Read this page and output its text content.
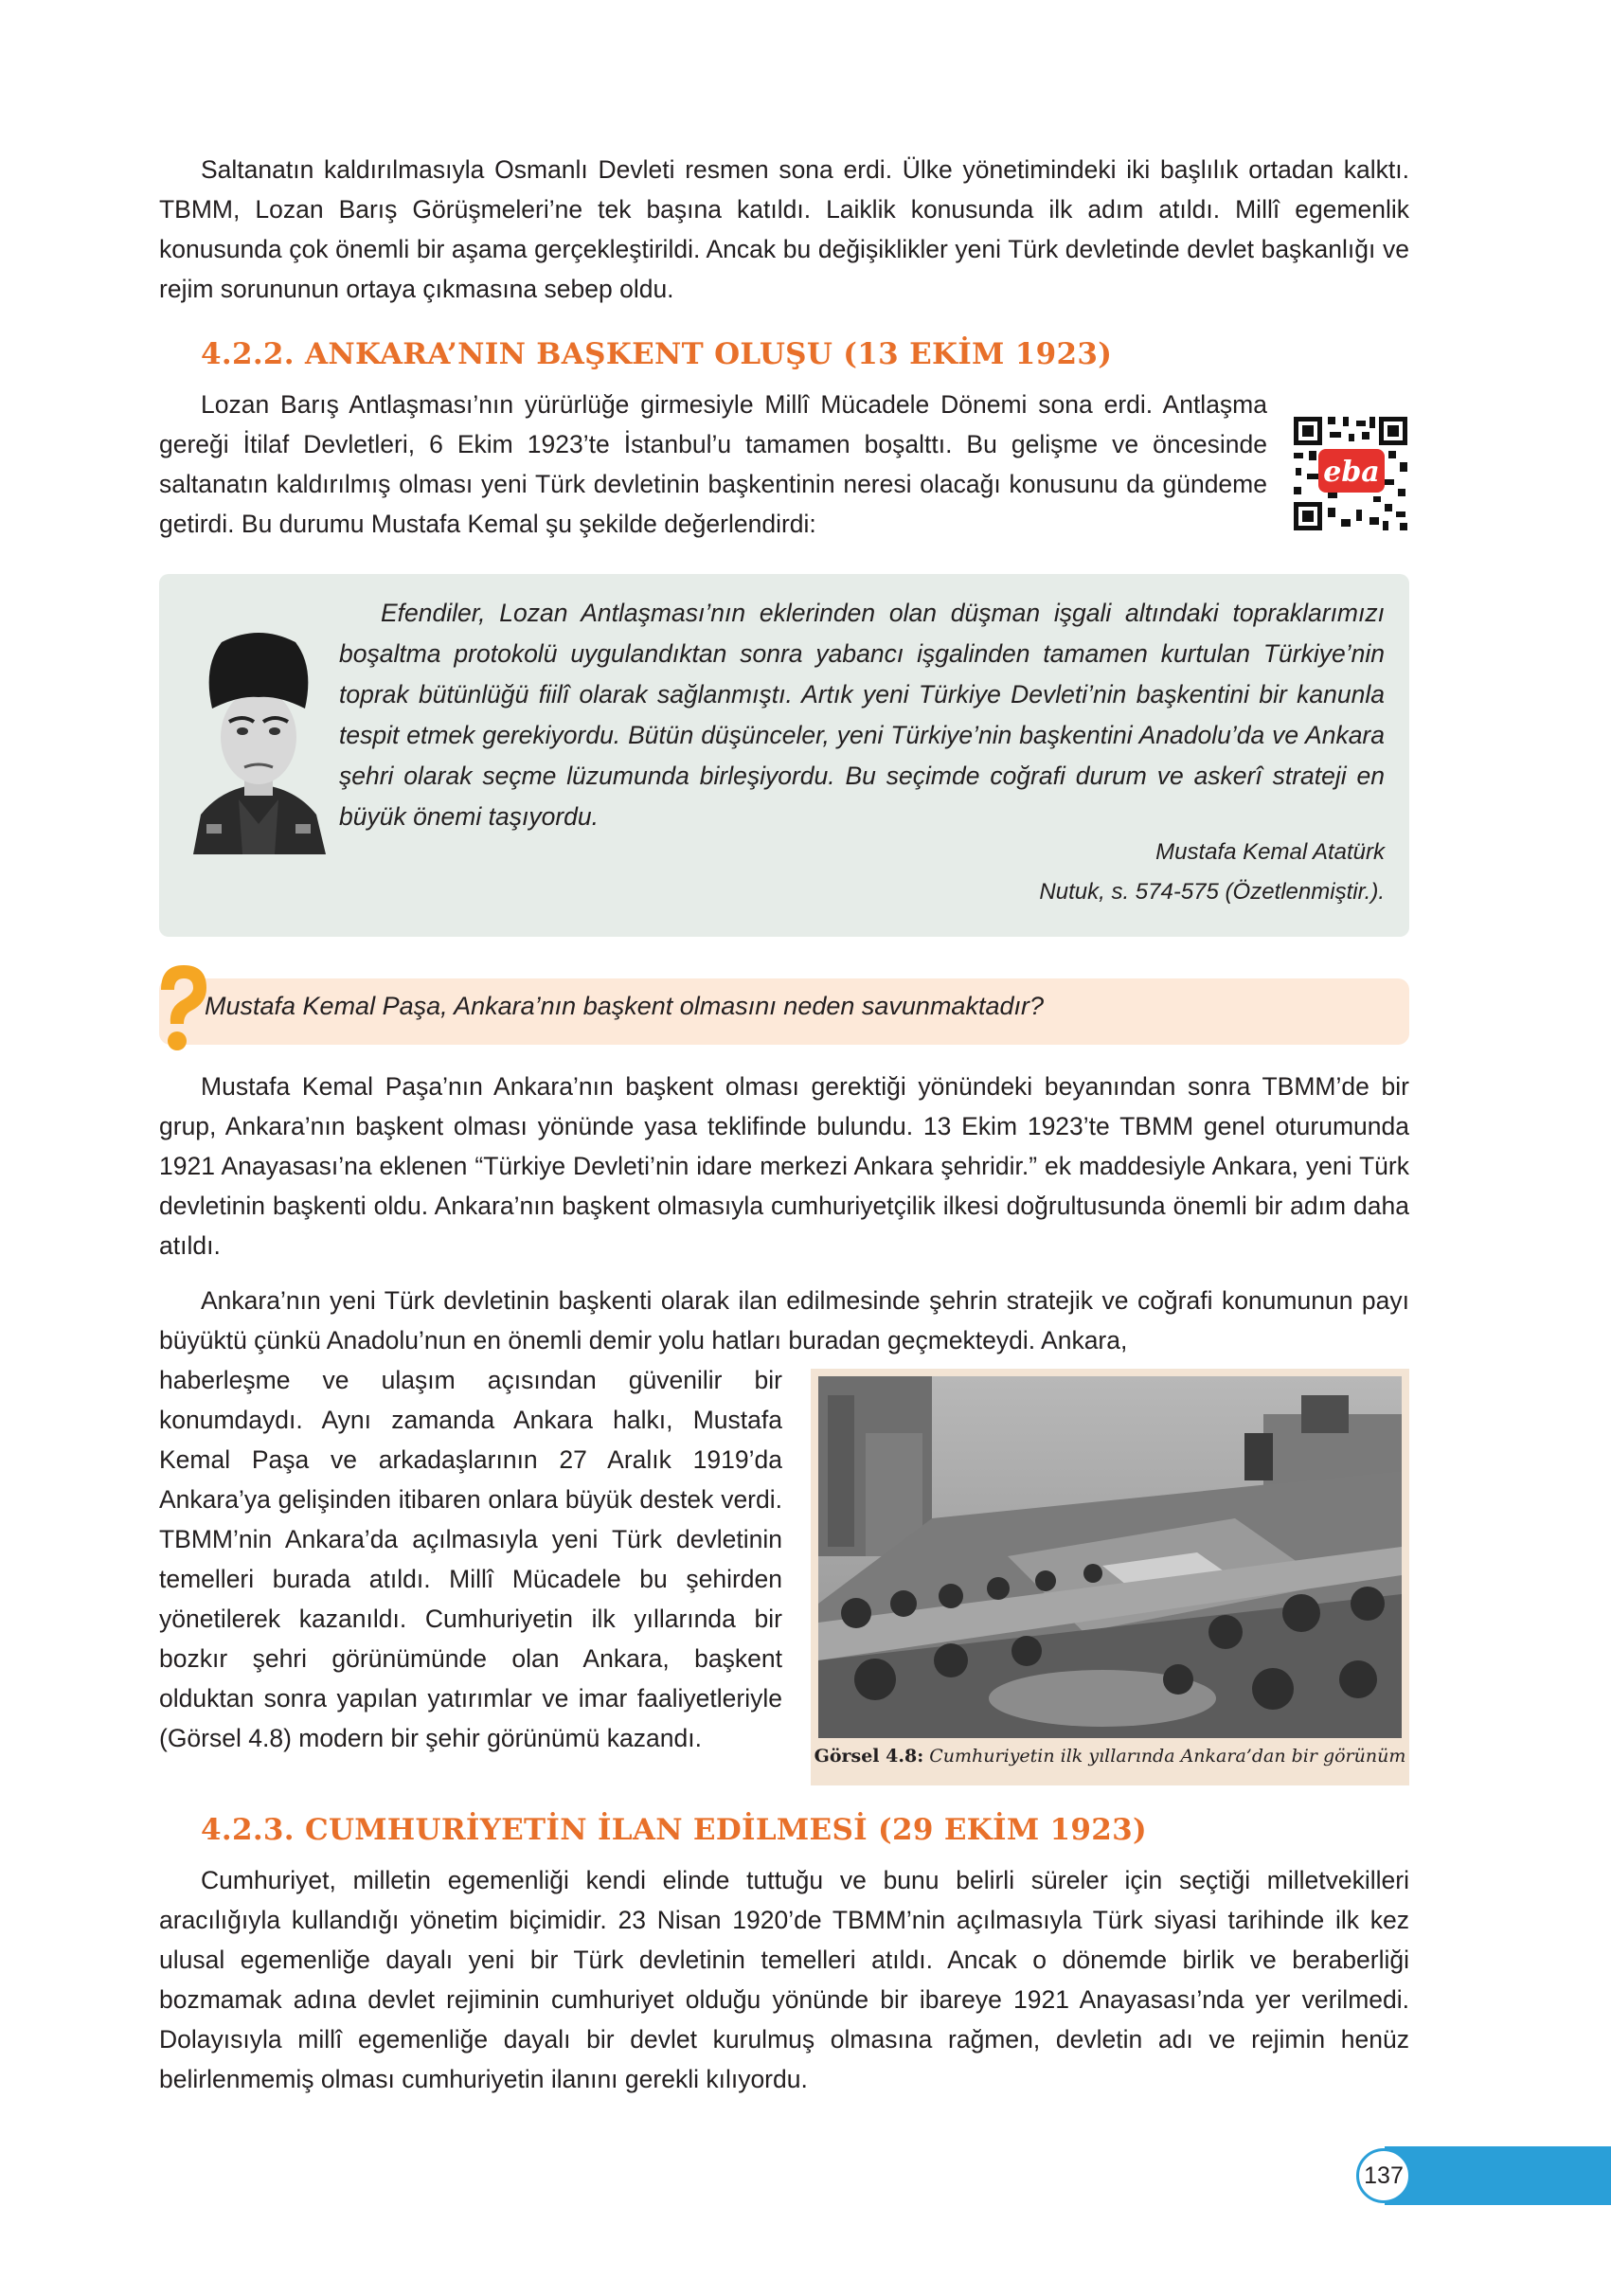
Saltanatın kaldırılmasıyla Osmanlı Devleti resmen sona erdi. Ülke yönetimindeki iki başlılık ortadan kalktı. TBMM, Lozan Barış Görüşmeleri’ne tek başına katıldı. Laiklik konusunda ilk adım atıldı. Millî egemenlik konusunda çok önemli bir aşama gerçekleştirildi. Ancak bu değişiklikler yeni Türk devletinde devlet başkanlığı ve rejim sorununun ortaya çıkmasına sebep oldu.

4.2.2. ANKARA’NIN BAŞKENT OLUŞU (13 EKİM 1923)

Lozan Barış Antlaşması’nın yürürlüğe girmesiyle Millî Mücadele Dönemi sona erdi. Antlaşma gereği İtilaf Devletleri, 6 Ekim 1923’te İstanbul’u tamamen boşalttı. Bu gelişme ve öncesinde saltanatın kaldırılmış olması yeni Türk devletinin başkentinin neresi olacağı konusunu da gündeme getirdi. Bu durumu Mustafa Kemal şu şekilde değerlendirdi:

eba

Efendiler, Lozan Antlaşması’nın eklerinden olan düşman işgali altındaki topraklarımızı boşaltma protokolü uygulandıktan sonra yabancı işgalinden tamamen kurtulan Türkiye’nin toprak bütünlüğü fiilî olarak sağlanmıştı. Artık yeni Türkiye Devleti’nin başkentini bir kanunla tespit etmek gerekiyordu. Bütün düşünceler, yeni Türkiye’nin başkentini Anadolu’da ve Ankara şehri olarak seçme lüzumunda birleşiyordu. Bu seçimde coğrafi durum ve askerî strateji en büyük önemi taşıyordu.

Mustafa Kemal Atatürk

Nutuk, s. 574-575 (Özetlenmiştir.).

Mustafa Kemal Paşa, Ankara’nın başkent olmasını neden savunmaktadır?

Mustafa Kemal Paşa’nın Ankara’nın başkent olması gerektiği yönündeki beyanından sonra TBMM’de bir grup, Ankara’nın başkent olması yönünde yasa teklifinde bulundu. 13 Ekim 1923’te TBMM genel oturumunda 1921 Anayasası’na eklenen “Türkiye Devleti’nin idare merkezi Ankara şehridir.” ek maddesiyle Ankara, yeni Türk devletinin başkenti oldu. Ankara’nın başkent olmasıyla cumhuriyetçilik ilkesi doğrultusunda önemli bir adım daha atıldı.

Ankara’nın yeni Türk devletinin başkenti olarak ilan edilmesinde şehrin stratejik ve coğrafi konumunun payı büyüktü çünkü Anadolu’nun en önemli demir yolu hatları buradan geçmekteydi. Ankara,

haberleşme ve ulaşım açısından güvenilir bir konumdaydı. Aynı zamanda Ankara halkı, Mustafa Kemal Paşa ve arkadaşlarının 27 Aralık 1919’da Ankara’ya gelişinden itibaren onlara büyük destek verdi. TBMM’nin Ankara’da açılmasıyla yeni Türk devletinin temelleri burada atıldı. Millî Mücadele bu şehirden yönetilerek kazanıldı. Cumhuriyetin ilk yıllarında bir bozkır şehri görünümünde olan Ankara, başkent olduktan sonra yapılan yatırımlar ve imar faaliyetleriyle (Görsel 4.8) modern bir şehir görünümü kazandı.

Görsel 4.8: Cumhuriyetin ilk yıllarında Ankara’dan bir görünüm

4.2.3. CUMHURİYETİN İLAN EDİLMESİ (29 EKİM 1923)

Cumhuriyet, milletin egemenliği kendi elinde tuttuğu ve bunu belirli süreler için seçtiği milletvekilleri aracılığıyla kullandığı yönetim biçimidir. 23 Nisan 1920’de TBMM’nin açılmasıyla Türk siyasi tarihinde ilk kez ulusal egemenliğe dayalı yeni bir Türk devletinin temelleri atıldı. Ancak o dönemde birlik ve beraberliği bozmamak adına devlet rejiminin cumhuriyet olduğu yönünde bir ibareye 1921 Anayasası’nda yer verilmedi. Dolayısıyla millî egemenliğe dayalı bir devlet kurulmuş olmasına rağmen, devletin adı ve rejimin henüz belirlenmemiş olması cumhuriyetin ilanını gerekli kılıyordu.

137
